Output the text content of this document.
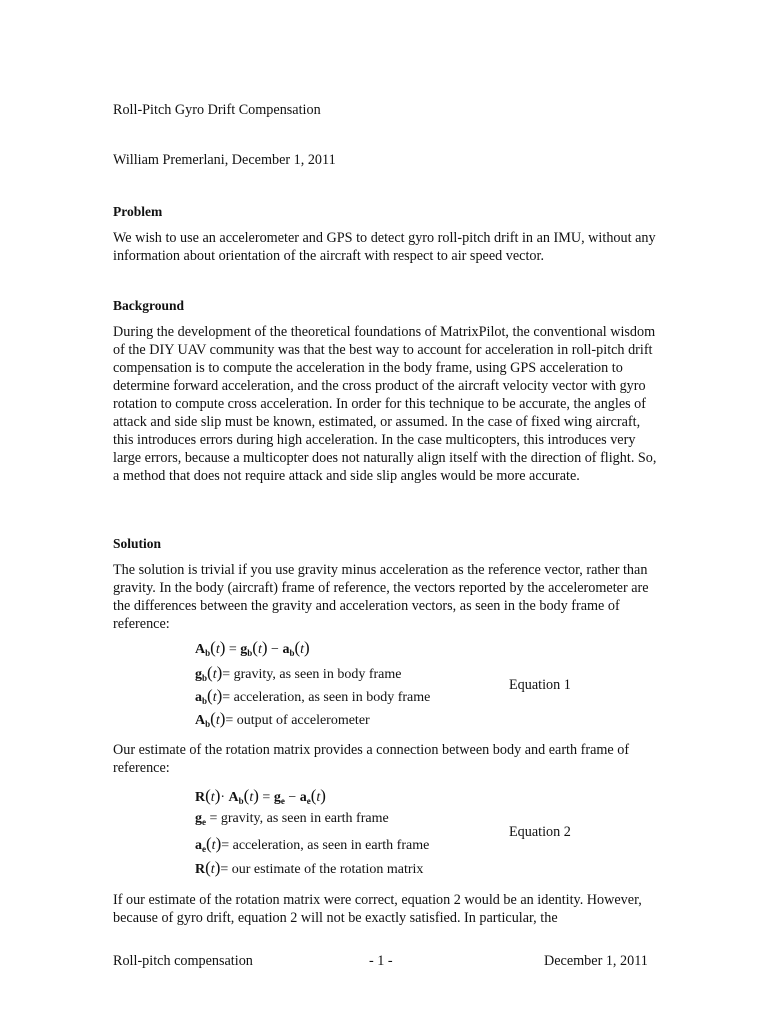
Roll-Pitch Gyro Drift Compensation
William Premerlani, December 1, 2011
Problem
We wish to use an accelerometer and GPS to detect gyro roll-pitch drift in an IMU, without any information about orientation of the aircraft with respect to air speed vector.
Background
During the development of the theoretical foundations of MatrixPilot, the conventional wisdom of the DIY UAV community was that the best way to account for acceleration in roll-pitch drift compensation is to compute the acceleration in the body frame, using GPS acceleration to determine forward acceleration, and the cross product of the aircraft velocity vector with gyro rotation to compute cross acceleration. In order for this technique to be accurate, the angles of attack and side slip must be known, estimated, or assumed. In the case of fixed wing aircraft, this introduces errors during high acceleration. In the case multicopters, this introduces very large errors, because a multicopter does not naturally align itself with the direction of flight. So, a method that does not require attack and side slip angles would be more accurate.
Solution
The solution is trivial if you use gravity minus acceleration as the reference vector, rather than gravity. In the body (aircraft) frame of reference, the vectors reported by the accelerometer are the differences between the gravity and acceleration vectors, as seen in the body frame of reference:
$A_b(t) = g_b(t) - a_b(t)$
$g_b(t)=$ gravity, as seen in body frame
$a_b(t)=$ acceleration, as seen in body frame
$A_b(t)=$ output of accelerometer
Equation 1
Our estimate of the rotation matrix provides a connection between body and earth frame of reference:
$R(t)\cdot A_b(t) = g_e - a_e(t)$
$g_e$ = gravity, as seen in earth frame
$a_e(t)=$ acceleration, as seen in earth frame
R(t)= our estimate of the rotation matrix
Equation 2
If our estimate of the rotation matrix were correct, equation 2 would be an identity. However, because of gyro drift, equation 2 will not be exactly satisfied. In particular, the
Roll-pitch compensation	- 1 -	December 1, 2011
